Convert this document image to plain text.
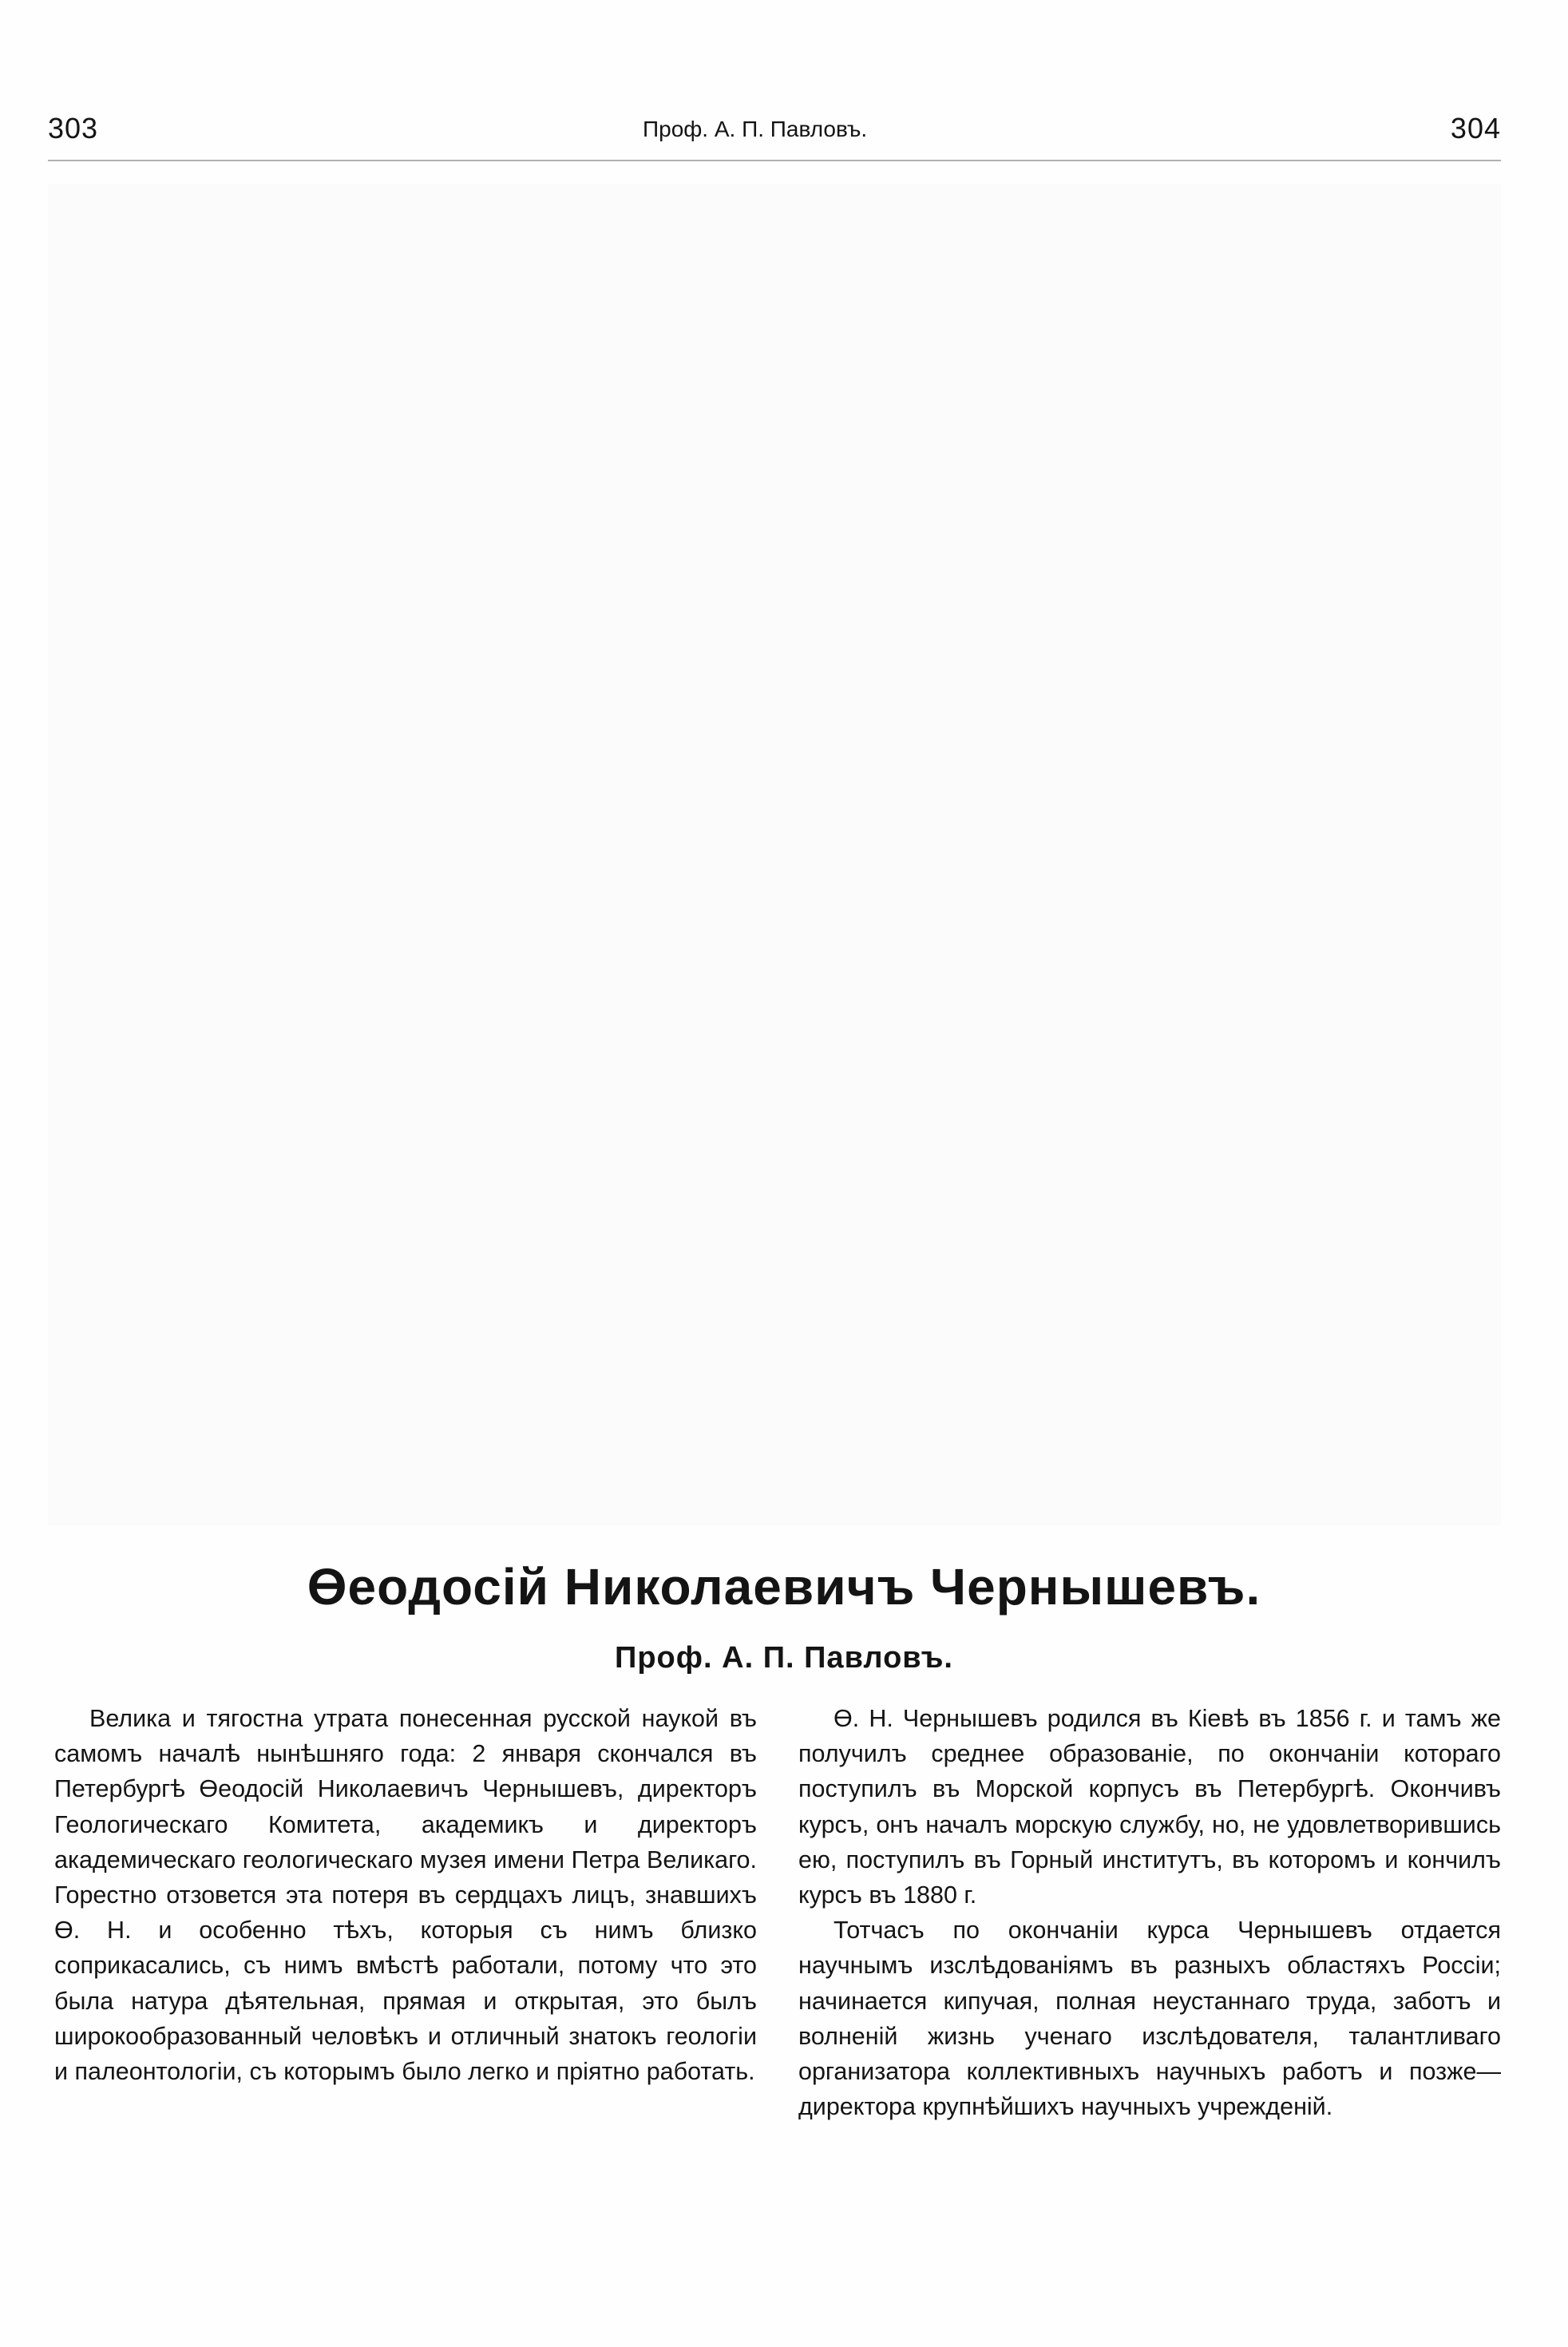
303	Проф. А. П. Павловъ.	304
Өеодосій Николаевичъ Чернышевъ.
Проф. А. П. Павловъ.

Велика и тягостна утрата понесенная русской наукой въ самомъ началѣ нынѣшняго года: 2 января скончался въ Петербургѣ Өеодосій Николаевичъ Чернышевъ, директоръ Геологическаго Комитета, академикъ и директоръ академическаго геологическаго музея имени Петра Великаго. Горестно отзовется эта потеря въ сердцахъ лицъ, знавшихъ Ө. Н. и особенно тѣхъ, которыя съ нимъ близко соприкасались, съ нимъ вмѣстѣ работали, потому что это была натура дѣятельная, прямая и открытая, это былъ широкообразованный человѣкъ и отличный знатокъ геологіи и палеонтологіи, съ которымъ было легко и пріятно работать.

Ө. Н. Чернышевъ родился въ Кіевѣ въ 1856 г. и тамъ же получилъ среднее образованіе, по окончаніи котораго поступилъ въ Морской корпусъ въ Петербургѣ. Окончивъ курсъ, онъ началъ морскую службу, но, не удовлетворившись ею, поступилъ въ Горный институтъ, въ которомъ и кончилъ курсъ въ 1880 г.

Тотчасъ по окончаніи курса Чернышевъ отдается научнымъ изслѣдованіямъ въ разныхъ областяхъ Россіи; начинается кипучая, полная неустаннаго труда, заботъ и волненій жизнь ученаго изслѣдователя, талантливаго организатора коллективныхъ научныхъ работъ и позже—директора крупнѣйшихъ научныхъ учрежденій.
